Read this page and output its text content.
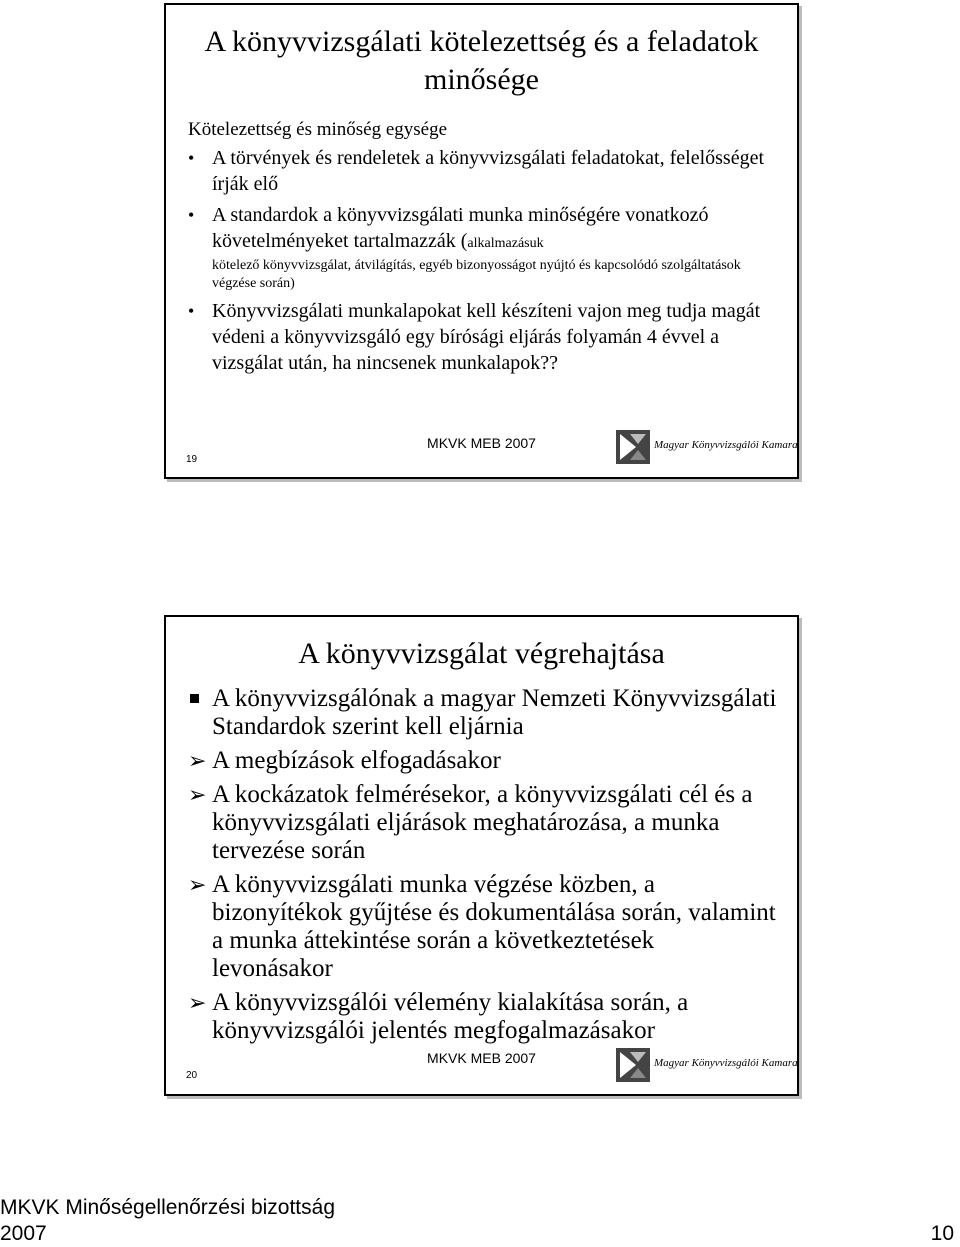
A könyvvizsgálati kötelezettség és a feladatok minősége
Kötelezettség és minőség egysége
• A törvények és rendeletek a könyvvizsgálati feladatokat, felelősséget írják elő
• A standardok a könyvvizsgálati munka minőségére vonatkozó követelményeket tartalmazzák (alkalmazásuk
kötelező könyvvizsgálat, átvilágítás, egyéb bizonyosságot nyújtó és kapcsolódó szolgáltatások végzése során)
• Könyvvizsgálati munkalapokat kell készíteni vajon meg tudja magát védeni a könyvvizsgáló egy bírósági eljárás folyamán 4 évvel a vizsgálat után, ha nincsenek munkalapok??
19
MKVK MEB 2007	Magyar Könyvvizsgálói Kamara
A könyvvizsgálat végrehajtása
A könyvvizsgálónak a magyar Nemzeti Könyvvizsgálati Standardok szerint kell eljárnia
➢ A megbízások elfogadásakor
➢ A kockázatok felmérésekor, a könyvvizsgálati cél és a könyvvizsgálati eljárások meghatározása, a munka tervezése során
➢ A könyvvizsgálati munka végzése közben, a bizonyítékok gyűjtése és dokumentálása során, valamint a munka áttekintése során a következtetések levonásakor
➢ A könyvvizsgálói vélemény kialakítása során, a könyvvizsgálói jelentés megfogalmazásakor
20
MKVK MEB 2007	Magyar Könyvvizsgálói Kamara
MKVK Minőségellenőrzési bizottság
2007	10
